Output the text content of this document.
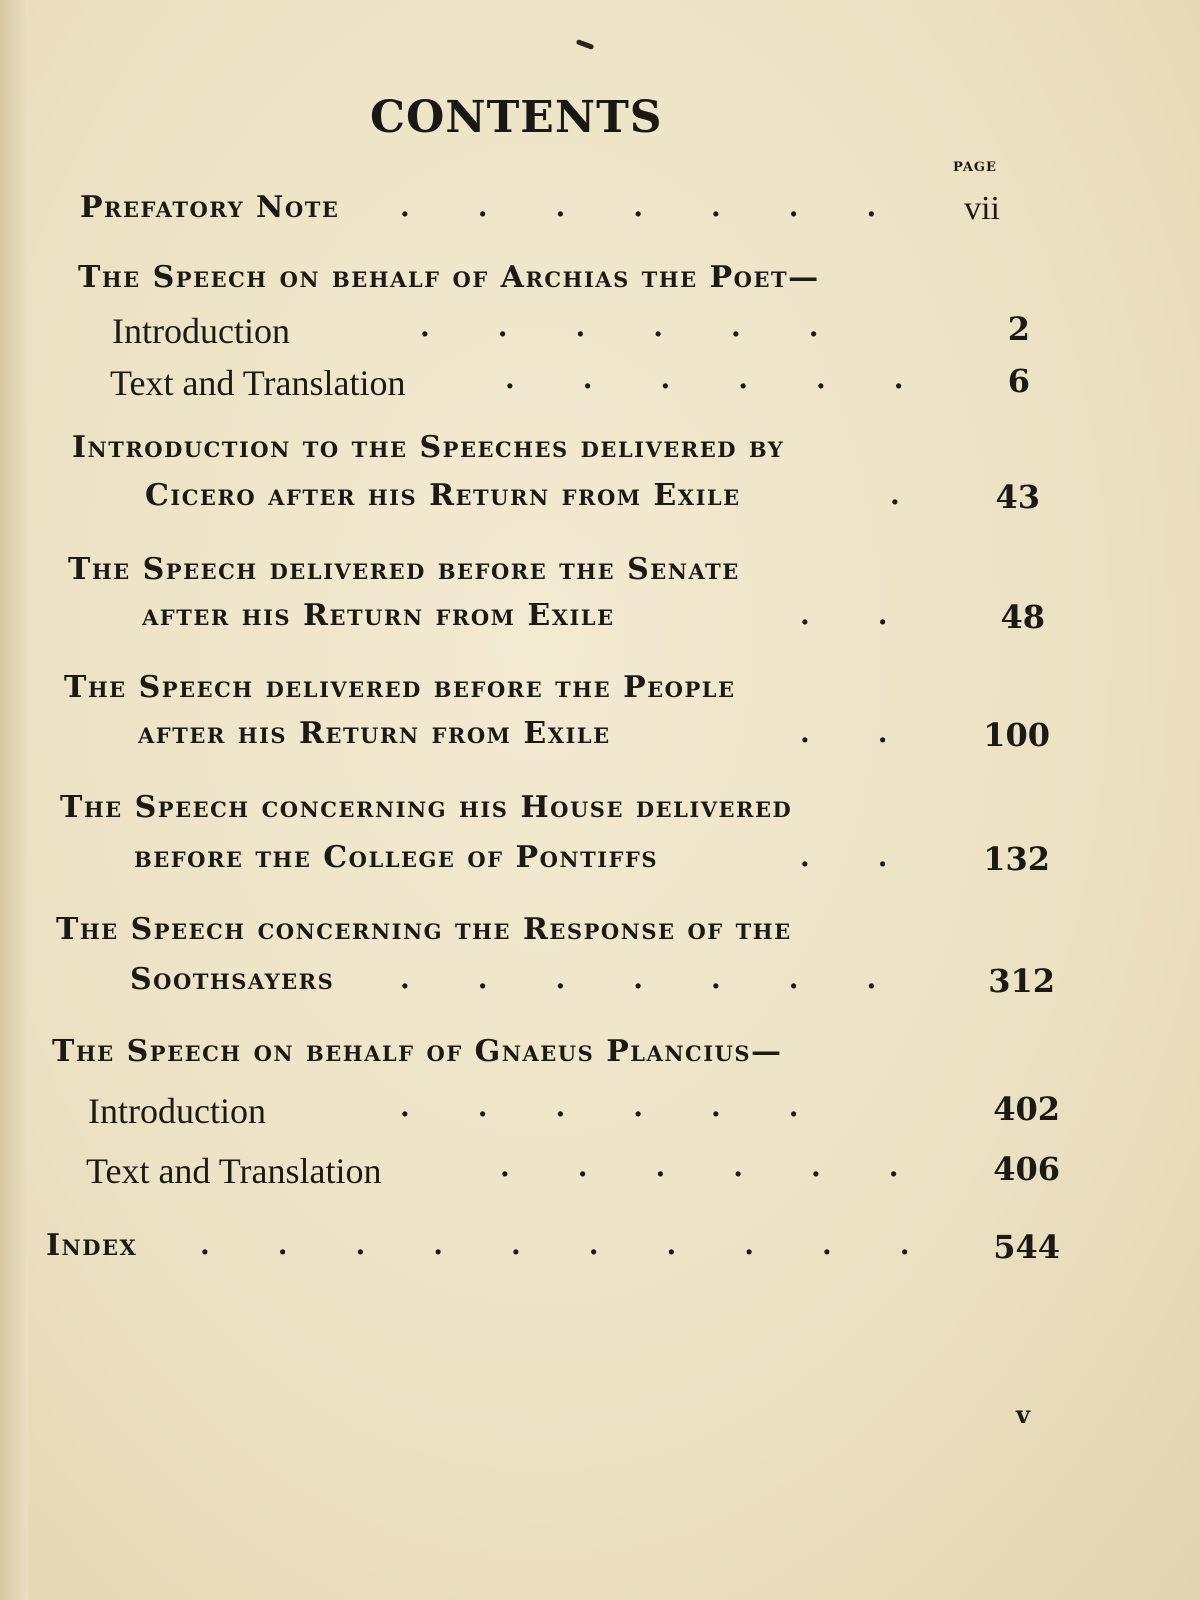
CONTENTS
PAGE
Prefatory Note ....... vii
The Speech on behalf of Archias the Poet—
Introduction	......	2
Text and Translation	...... 6
Introduction to the Speeches delivered by
Cicero after his Return from Exile	. 43
The Speech delivered before the Senate
after his Return from Exile	.. 48
The Speech delivered before the People
after his Return from Exile	.. 100
The Speech concerning his House delivered
before the College of Pontiffs	.. 132
The Speech concerning the Response of the
Soothsayers ....... 312
The Speech on behalf of Gnaeus Plancius—
Introduction	......	402
Text and Translation	...... 406
Index .......... 544
v
